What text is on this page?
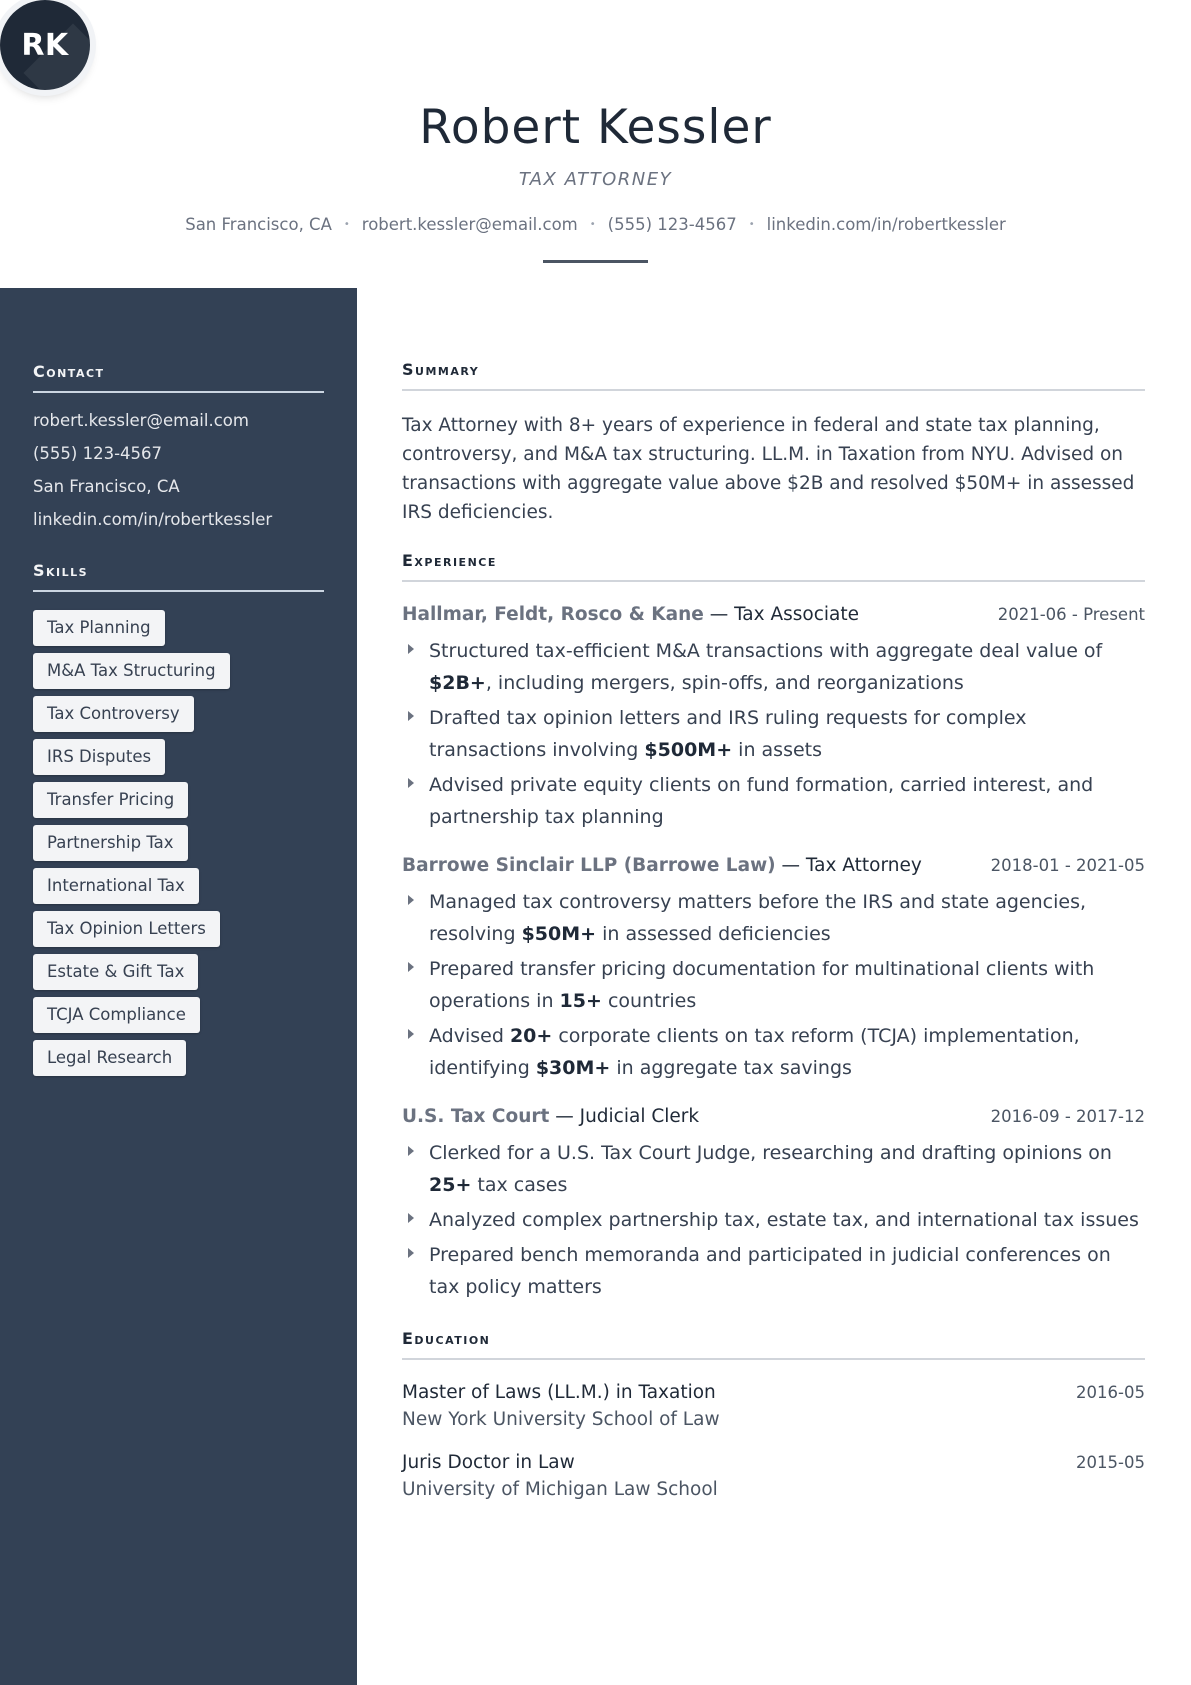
Robert Kessler
TAX ATTORNEY
San Francisco, CA • robert.kessler@email.com • (555) 123-4567 • linkedin.com/in/robertkessler
RK
Contact
robert.kessler@email.com
(555) 123-4567
San Francisco, CA
linkedin.com/in/robertkessler
Skills
Tax Planning
M&A Tax Structuring
Tax Controversy
IRS Disputes
Transfer Pricing
Partnership Tax
International Tax
Tax Opinion Letters
Estate & Gift Tax
TCJA Compliance
Legal Research
Summary

Tax Attorney with 8+ years of experience in federal and state tax planning, controversy, and M&A tax structuring. LL.M. in Taxation from NYU. Advised on transactions with aggregate value above $2B and resolved $50M+ in assessed IRS deficiencies.

Experience
Hallmar, Feldt, Rosco & Kane — Tax Associate	2021-06 - Present
Structured tax-efficient M&A transactions with aggregate deal value of $2B+, including mergers, spin-offs, and reorganizations
Drafted tax opinion letters and IRS ruling requests for complex transactions involving $500M+ in assets
Advised private equity clients on fund formation, carried interest, and partnership tax planning
Barrowe Sinclair LLP (Barrowe Law) — Tax Attorney	2018-01 - 2021-05
Managed tax controversy matters before the IRS and state agencies, resolving $50M+ in assessed deficiencies
Prepared transfer pricing documentation for multinational clients with operations in 15+ countries
Advised 20+ corporate clients on tax reform (TCJA) implementation, identifying $30M+ in aggregate tax savings
U.S. Tax Court — Judicial Clerk	2016-09 - 2017-12
Clerked for a U.S. Tax Court Judge, researching and drafting opinions on 25+ tax cases
Analyzed complex partnership tax, estate tax, and international tax issues
Prepared bench memoranda and participated in judicial conferences on tax policy matters
Education
Master of Laws (LL.M.) in Taxation	2016-05
New York University School of Law
Juris Doctor in Law	2015-05
University of Michigan Law School
